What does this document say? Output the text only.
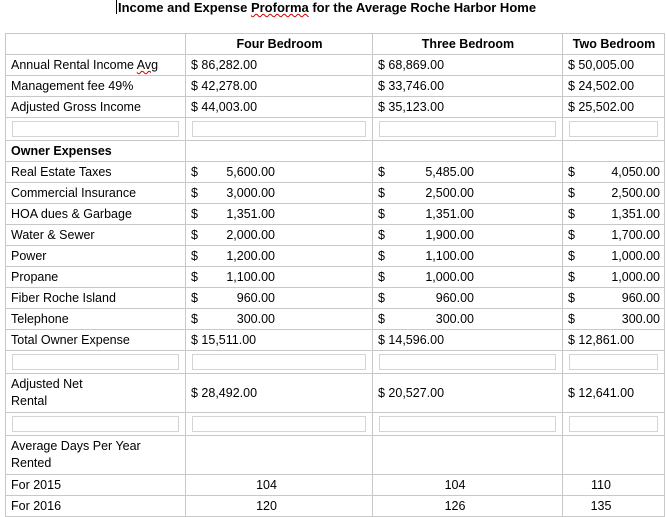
Income and Expense Proforma for the Average Roche Harbor Home
	Four Bedroom	Three Bedroom	Two Bedroom
Annual Rental Income Avg	$ 86,282.00	$ 68,869.00	$ 50,005.00
Management fee 49%	$ 42,278.00	$ 33,746.00	$ 24,502.00
Adjusted Gross Income	$ 44,003.00	$ 35,123.00	$ 25,502.00

Owner Expenses			
Real Estate Taxes	$ 5,600.00	$ 5,485.00	$ 4,050.00
Commercial Insurance	$ 3,000.00	$ 2,500.00	$ 2,500.00
HOA dues & Garbage	$ 1,351.00	$ 1,351.00	$ 1,351.00
Water & Sewer	$ 2,000.00	$ 1,900.00	$ 1,700.00
Power	$ 1,200.00	$ 1,100.00	$ 1,000.00
Propane	$ 1,100.00	$ 1,000.00	$ 1,000.00
Fiber Roche Island	$ 960.00	$ 960.00	$ 960.00
Telephone	$ 300.00	$ 300.00	$ 300.00
Total Owner Expense	$ 15,511.00	$ 14,596.00	$ 12,861.00

Adjusted Net
Rental	$ 28,492.00	$ 20,527.00	$ 12,641.00

Average Days Per Year
Rented			
For 2015	104	104	110
For 2016	120	126	135
